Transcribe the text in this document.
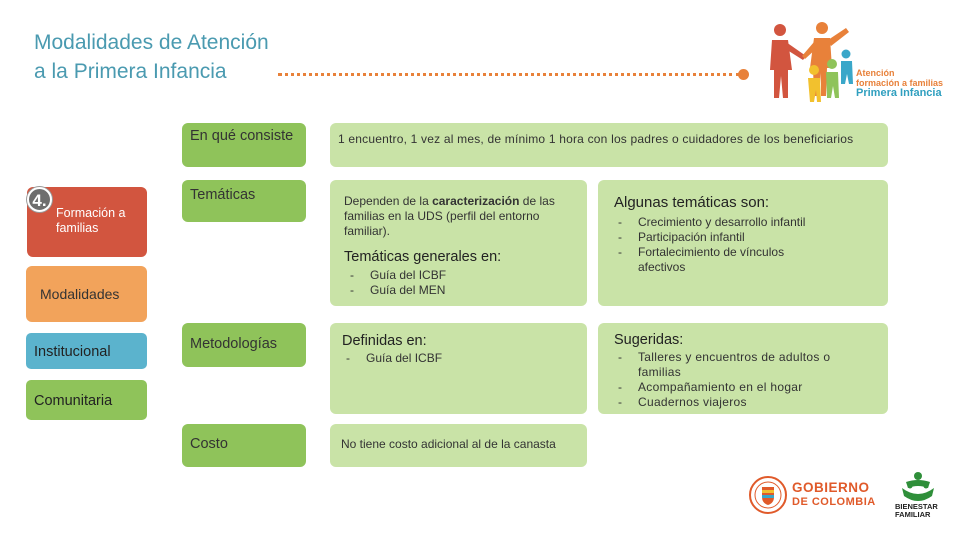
Modalidades de Atención
a la Primera Infancia	Atención
formación a familias
Primera Infancia
Formación a familias
4.
Modalidades
Institucional
Comunitaria
En qué consiste
Temáticas
Metodologías
Costo

1 encuentro, 1 vez al mes, de mínimo 1 hora con los padres o cuidadores de los beneficiarios

Dependen de la caracterización de las familias en la UDS (perfil del entorno familiar).

Temáticas generales en:

- Guía del ICBF
- Guía del MEN

Algunas temáticas son:

- Crecimiento y desarrollo infantil
- Participación infantil
- Fortalecimiento de vínculos afectivos

Definidas en:

- Guía del ICBF

Sugeridas:

- Talleres y encuentros de adultos o familias
- Acompañamiento en el hogar
- Cuadernos viajeros

No tiene costo adicional al de la canasta

GOBIERNO
DE COLOMBIA	BIENESTAR
FAMILIAR
